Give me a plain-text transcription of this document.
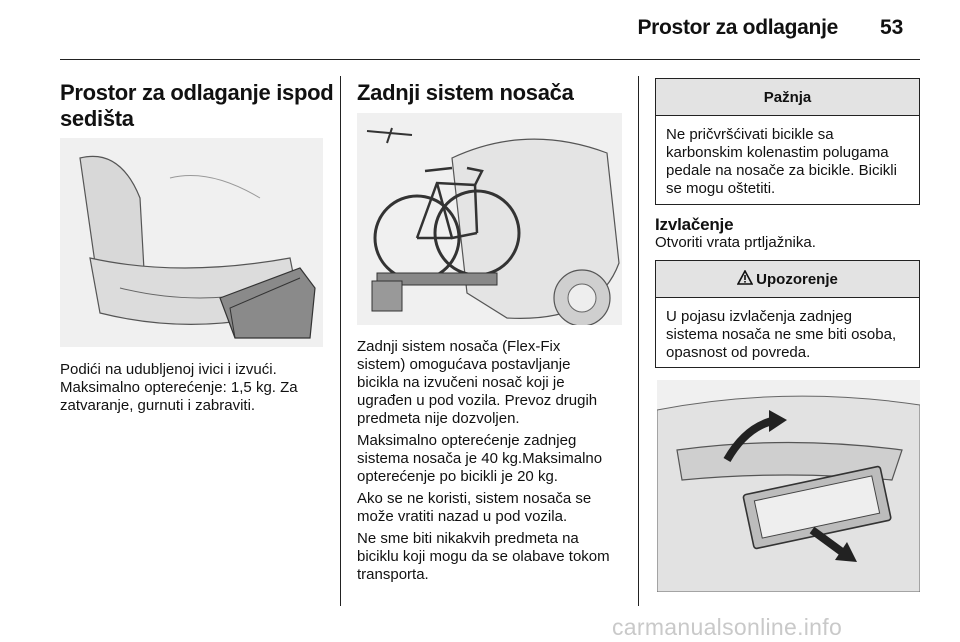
Prostor za odlaganje 53
Prostor za odlaganje ispod
sedišta

Podići na udubljenoj ivici i izvući.
Maksimalno opterećenje: 1,5 kg. Za
zatvaranje, gurnuti i zabraviti.

Zadnji sistem nosača

Zadnji sistem nosača (Flex-Fix
sistem) omogućava postavljanje
bicikla na izvučeni nosač koji je
ugrađen u pod vozila. Prevoz drugih
predmeta nije dozvoljen.

Maksimalno opterećenje zadnjeg
sistema nosača je 40 kg.Maksimalno
opterećenje po bicikli je 20 kg.

Ako se ne koristi, sistem nosača se
može vratiti nazad u pod vozila.

Ne sme biti nikakvih predmeta na
biciklu koji mogu da se olabave tokom
transporta.

Pažnja
Ne pričvršćivati bicikle sa
karbonskim kolenastim polugama
pedale na nosače za bicikle. Bicikli
se mogu oštetiti.
Izvlačenje

Otvoriti vrata prtljažnika.

Upozorenje
U pojasu izvlačenja zadnjeg
sistema nosača ne sme biti osoba,
opasnost od povreda.
carmanualsonline.info
